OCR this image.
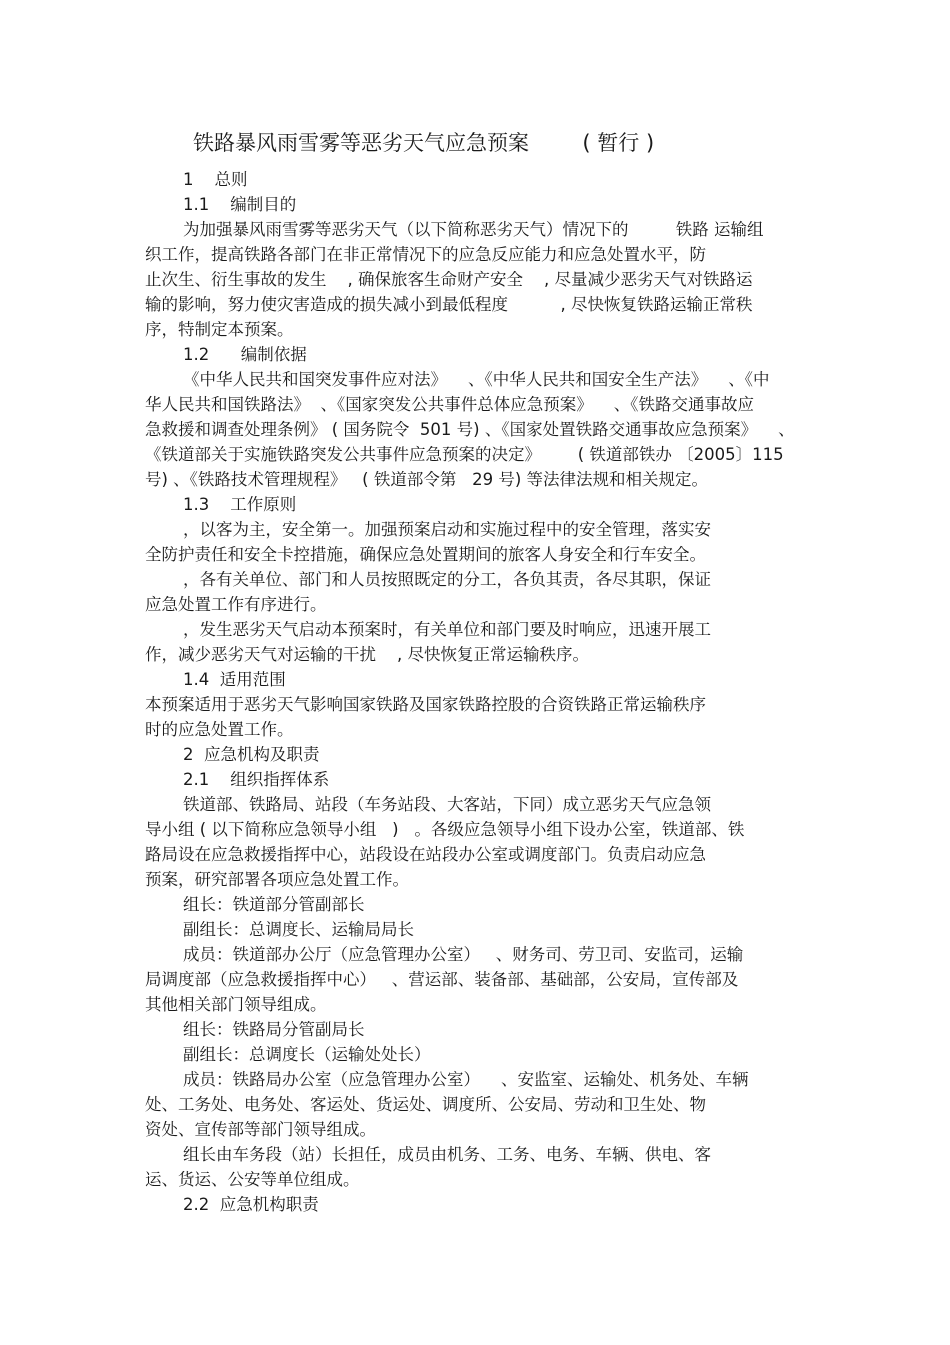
铁路暴风雨雪雾等恶劣天气应急预案        ( 暂行 )
1    总则
1.1    编制目的
为加强暴风雨雪雾等恶劣天气（以下简称恶劣天气）情况下的         铁路 运输组
织工作，提高铁路各部门在非正常情况下的应急反应能力和应急处置水平，防
止次生、衍生事故的发生    , 确保旅客生命财产安全    , 尽量减少恶劣天气对铁路运
输的影响，努力使灾害造成的损失减小到最低程度          , 尽快恢复铁路运输正常秩
序，特制定本预案。
1.2      编制依据
《中华人民共和国突发事件应对法》    、《中华人民共和国安全生产法》    、《中
华人民共和国铁路法》  、《国家突发公共事件总体应急预案》    、《铁路交通事故应
急救援和调查处理条例》 ( 国务院令  501 号) 、《国家处置铁路交通事故应急预案》    、
《铁道部关于实施铁路突发公共事件应急预案的决定》       ( 铁道部铁办 〔2005〕115
号) 、《铁路技术管理规程》   ( 铁道部令第   29 号) 等法律法规和相关规定。
1.3    工作原则
，以客为主，安全第一。加强预案启动和实施过程中的安全管理，落实安
全防护责任和安全卡控措施，确保应急处置期间的旅客人身安全和行车安全。
，各有关单位、部门和人员按照既定的分工，各负其责，各尽其职，保证
应急处置工作有序进行。
，发生恶劣天气启动本预案时，有关单位和部门要及时响应，迅速开展工
作，减少恶劣天气对运输的干扰    , 尽快恢复正常运输秩序。
1.4  适用范围
本预案适用于恶劣天气影响国家铁路及国家铁路控股的合资铁路正常运输秩序
时的应急处置工作。
2  应急机构及职责
2.1    组织指挥体系
铁道部、铁路局、站段（车务站段、大客站，下同）成立恶劣天气应急领
导小组 ( 以下简称应急领导小组   )   。各级应急领导小组下设办公室，铁道部、铁
路局设在应急救援指挥中心，站段设在站段办公室或调度部门。负责启动应急
预案，研究部署各项应急处置工作。
组长：铁道部分管副部长
副组长：总调度长、运输局局长
成员：铁道部办公厅（应急管理办公室）   、财务司、劳卫司、安监司，运输
局调度部（应急救援指挥中心）   、营运部、装备部、基础部，公安局，宣传部及
其他相关部门领导组成。
组长：铁路局分管副局长
副组长：总调度长（运输处处长）
成员：铁路局办公室（应急管理办公室）    、安监室、运输处、机务处、车辆
处、工务处、电务处、客运处、货运处、调度所、公安局、劳动和卫生处、物
资处、宣传部等部门领导组成。
组长由车务段（站）长担任，成员由机务、工务、电务、车辆、供电、客
运、货运、公安等单位组成。
2.2  应急机构职责
